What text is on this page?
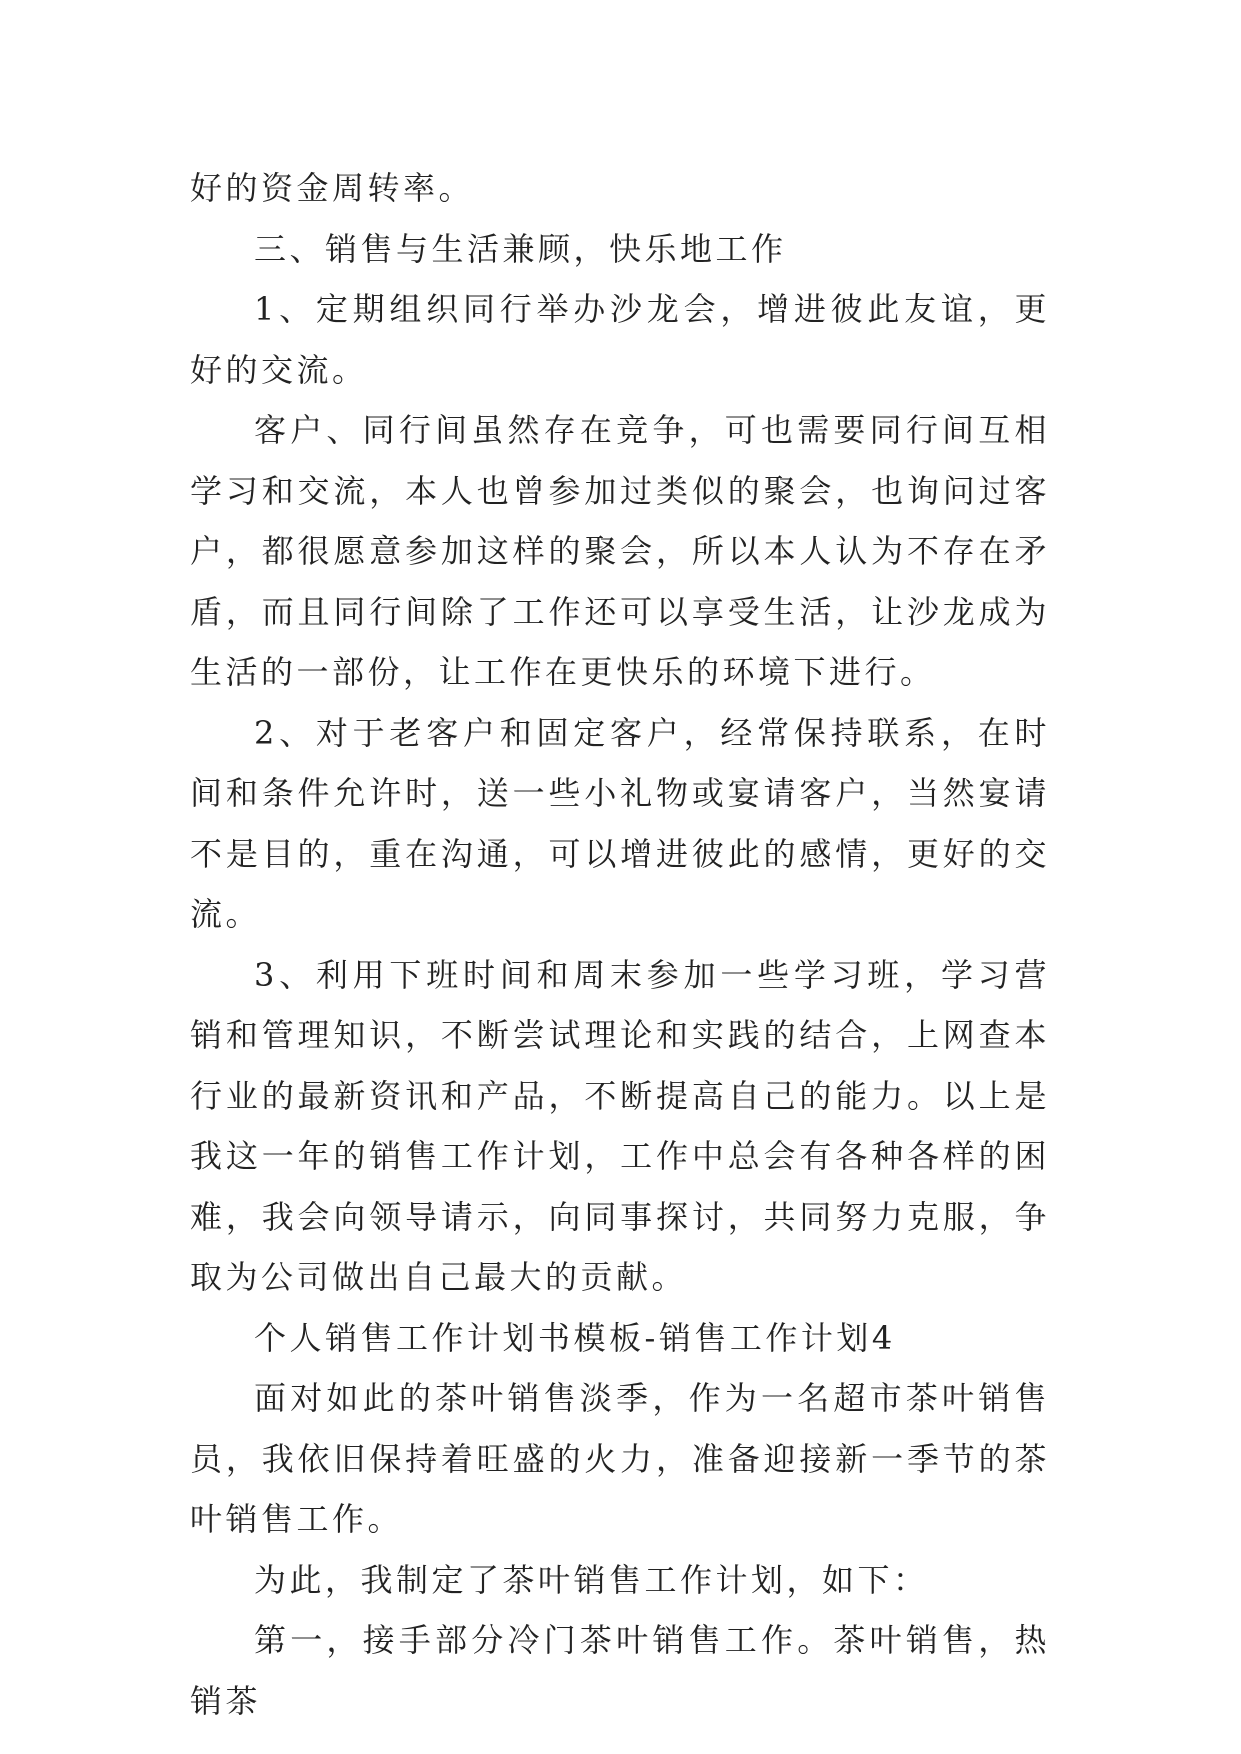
好的资金周转率。

三、销售与生活兼顾，快乐地工作

1、定期组织同行举办沙龙会，增进彼此友谊，更好的交流。

客户、同行间虽然存在竞争，可也需要同行间互相学习和交流，本人也曾参加过类似的聚会，也询问过客户，都很愿意参加这样的聚会，所以本人认为不存在矛盾，而且同行间除了工作还可以享受生活，让沙龙成为生活的一部份，让工作在更快乐的环境下进行。

2、对于老客户和固定客户，经常保持联系，在时间和条件允许时，送一些小礼物或宴请客户，当然宴请不是目的，重在沟通，可以增进彼此的感情，更好的交流。

3、利用下班时间和周末参加一些学习班，学习营销和管理知识，不断尝试理论和实践的结合，上网查本行业的最新资讯和产品，不断提高自己的能力。以上是我这一年的销售工作计划，工作中总会有各种各样的困难，我会向领导请示，向同事探讨，共同努力克服，争取为公司做出自己最大的贡献。

个人销售工作计划书模板-销售工作计划4

面对如此的茶叶销售淡季，作为一名超市茶叶销售员，我依旧保持着旺盛的火力，准备迎接新一季节的茶叶销售工作。

为此，我制定了茶叶销售工作计划，如下：

第一，接手部分冷门茶叶销售工作。茶叶销售，热销茶
